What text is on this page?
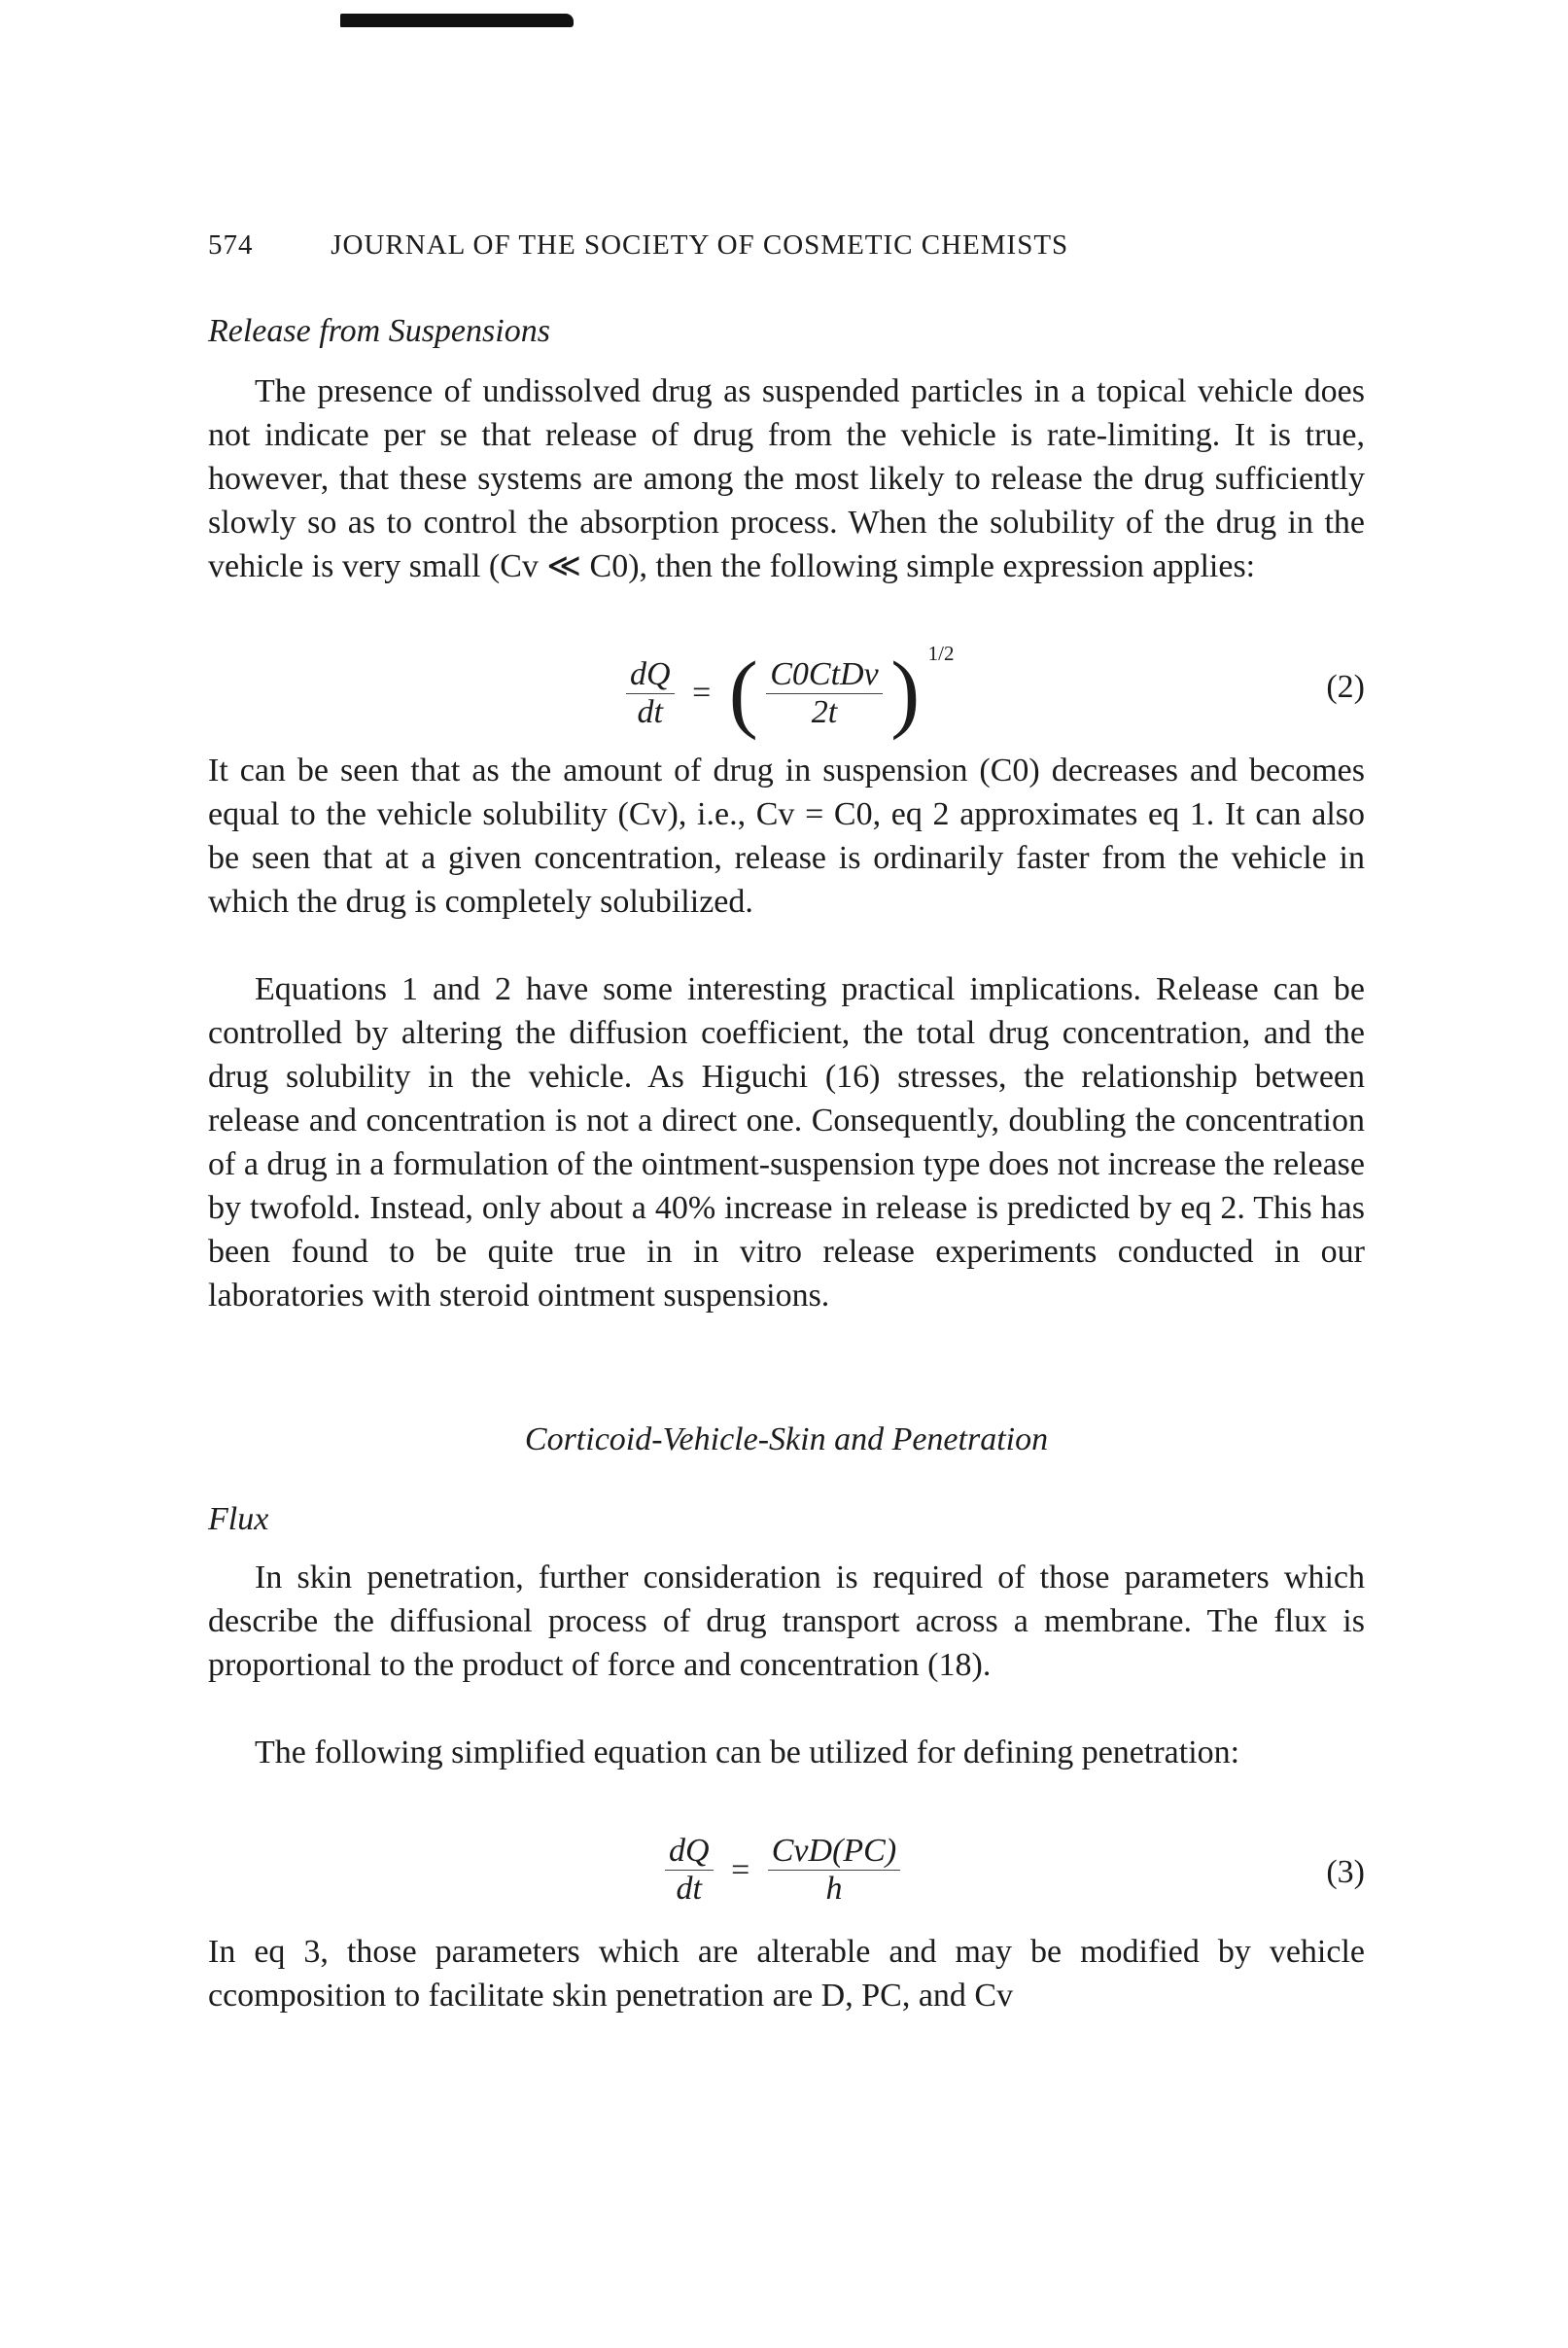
574	JOURNAL OF THE SOCIETY OF COSMETIC CHEMISTS
Release from Suspensions

The presence of undissolved drug as suspended particles in a topical vehicle does not indicate per se that release of drug from the vehicle is rate-limiting. It is true, however, that these systems are among the most likely to release the drug sufficiently slowly so as to control the absorption process. When the solubility of the drug in the vehicle is very small (Cv ≪ C0), then the following simple expression applies:

$\frac{dQ}{dt}$ = ( $\frac{\text{C0CtDv}}{2t}$ ) $^{1/2}$
(2)

It can be seen that as the amount of drug in suspension (C0) decreases and becomes equal to the vehicle solubility (Cv), i.e., Cv = C0, eq 2 approximates eq 1. It can also be seen that at a given concentration, release is ordinarily faster from the vehicle in which the drug is completely solubilized.

Equations 1 and 2 have some interesting practical implications. Release can be controlled by altering the diffusion coefficient, the total drug concentration, and the drug solubility in the vehicle. As Higuchi (16) stresses, the relationship between release and concentration is not a direct one. Consequently, doubling the concentration of a drug in a formulation of the ointment-suspension type does not increase the release by twofold. Instead, only about a 40% increase in release is predicted by eq 2. This has been found to be quite true in in vitro release experiments conducted in our laboratories with steroid ointment suspensions.

Corticoid-Vehicle-Skin and Penetration
Flux

In skin penetration, further consideration is required of those parameters which describe the diffusional process of drug transport across a membrane. The flux is proportional to the product of force and concentration (18).

The following simplified equation can be utilized for defining penetration:

$\frac{dQ}{dt} = \frac{\text{CvD(PC)}}{h}$	(3)

In eq 3, those parameters which are alterable and may be modified by vehicle ccomposition to facilitate skin penetration are D, PC, and Cv
